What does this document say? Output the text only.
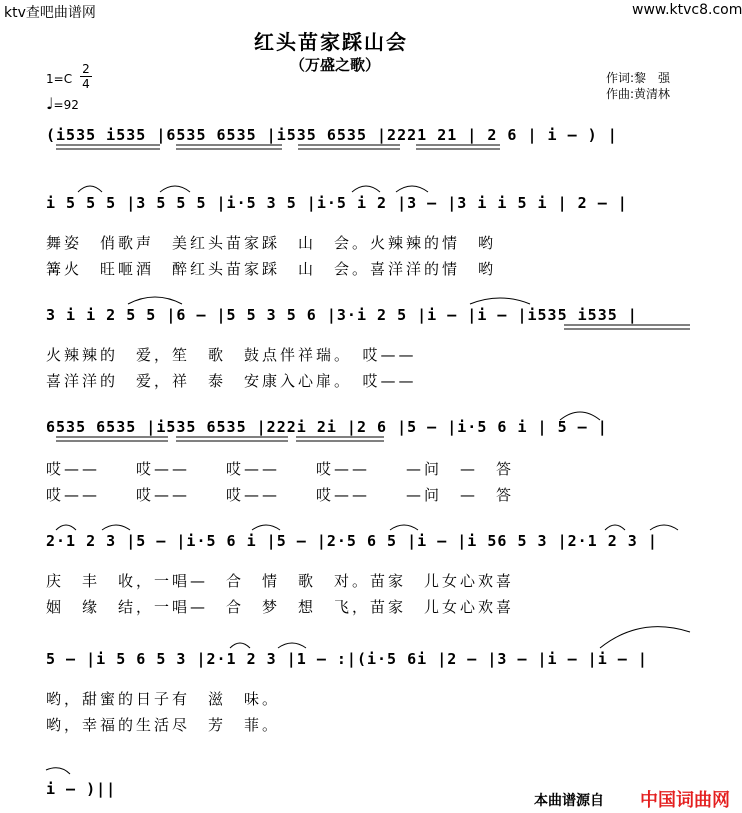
ktv查吧曲谱网	www.ktvc8.com
红头苗家踩山会
（万盛之歌）
$1=C \frac{2}{4}$
♩=92
作词:黎　强
作曲:黄清林
(i535 i535 |6535 6535 |i535 6535 |2221 21 | 2 6 | i – ) |
i 5 5 5 |3 5 5 5 |i·5 3 5 |i·5 i 2 |3 – |3 i i 5 i | 2 – |
舞姿　俏歌声　美红头苗家踩　山　会。火辣辣的情　哟
篝火　旺咂酒　醉红头苗家踩　山　会。喜洋洋的情　哟
3 i i 2 5 5 |6 – |5 5 3 5 6 |3·i 2 5 |i – |i – |i535 i535 |
火辣辣的　爱，笙　歌　鼓点伴祥瑞。　哎——
喜洋洋的　爱，祥　泰　安康入心扉。　哎——
6535 6535 |i535 6535 |222i 2i |2 6 |5 – |i·5 6 i | 5 – |
哎——　　哎——　　哎——　　哎——　　—问　—　答
哎——　　哎——　　哎——　　哎——　　—问　—　答
2·1 2 3 |5 – |i·5 6 i |5 – |2·5 6 5 |i – |i 56 5 3 |2·1 2 3 |
庆　丰　收，一唱—　合　情　歌　对。苗家　儿女心欢喜
姻　缘　结，一唱—　合　梦　想　飞，苗家　儿女心欢喜
5 – |i 5 6 5 3 |2·1 2 3 |1 – :|(i·5 6i |2 – |3 – |i – |i – |
哟，甜蜜的日子有　滋　味。
哟，幸福的生活尽　芳　菲。
i – )||
本曲谱源自 中国词曲网
